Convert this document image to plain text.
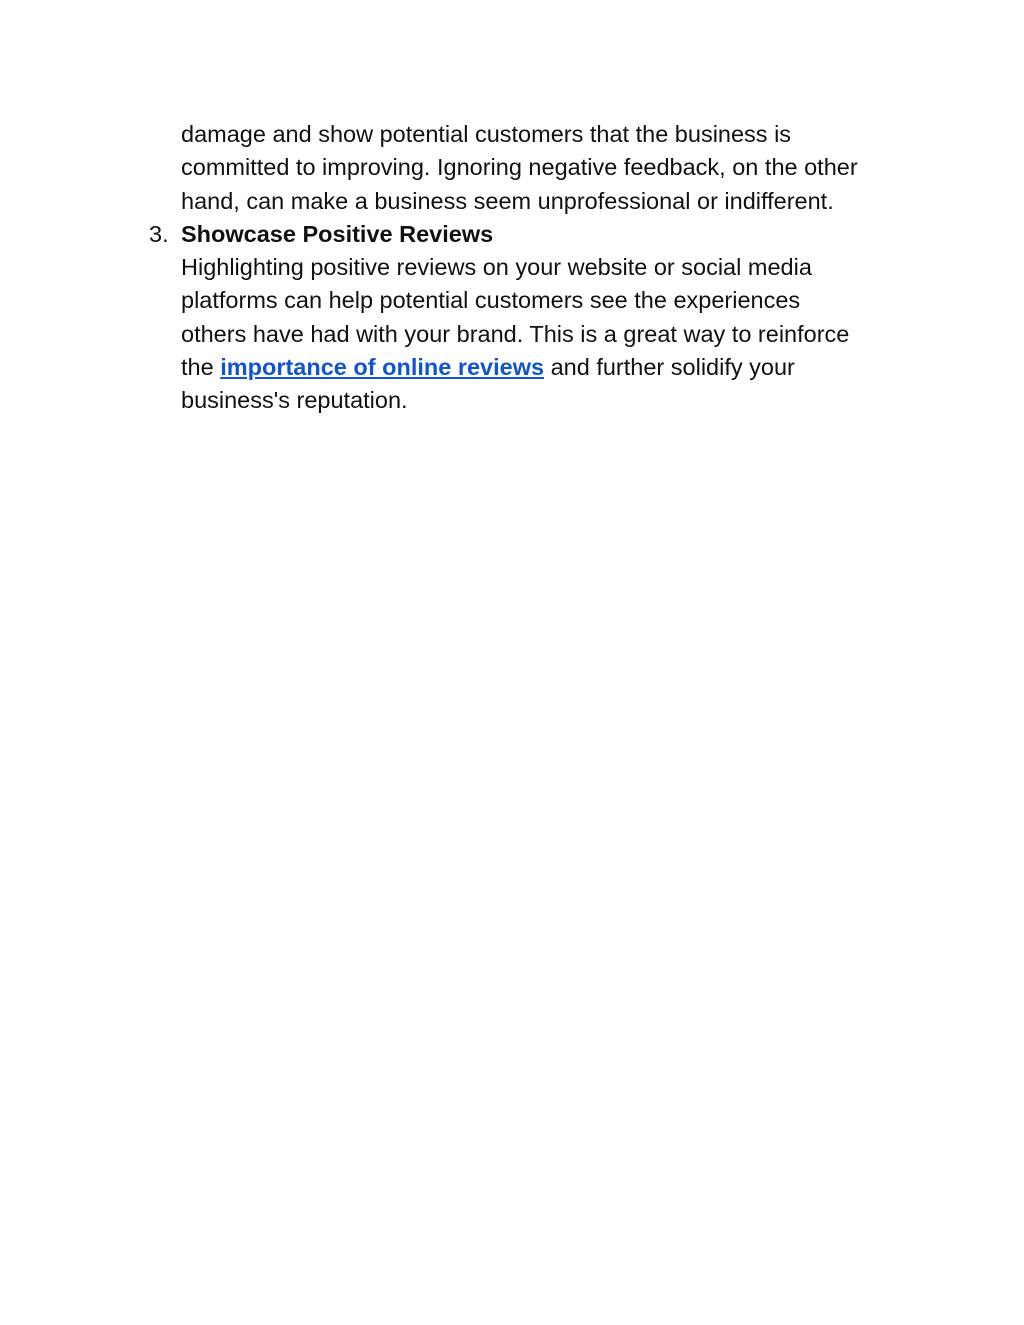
damage and show potential customers that the business is
committed to improving. Ignoring negative feedback, on the other
hand, can make a business seem unprofessional or indifferent.

3. Showcase Positive Reviews

Highlighting positive reviews on your website or social media
platforms can help potential customers see the experiences
others have had with your brand. This is a great way to reinforce
the importance of online reviews and further solidify your
business's reputation.
